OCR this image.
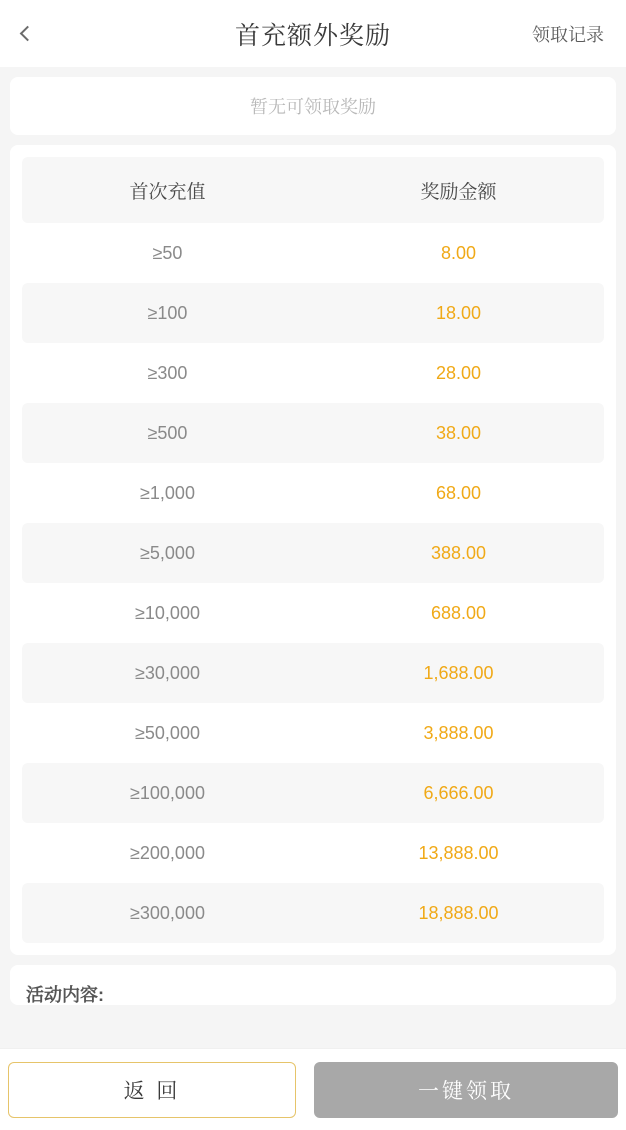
首充额外奖励	领取记录
暂无可领取奖励
首次充值	奖励金额
≥50	8.00
≥100	18.00
≥300	28.00
≥500	38.00
≥1,000	68.00
≥5,000	388.00
≥10,000	688.00
≥30,000	1,688.00
≥50,000	3,888.00
≥100,000	6,666.00
≥200,000	13,888.00
≥300,000	18,888.00
活动内容:
返 回	一键领取
